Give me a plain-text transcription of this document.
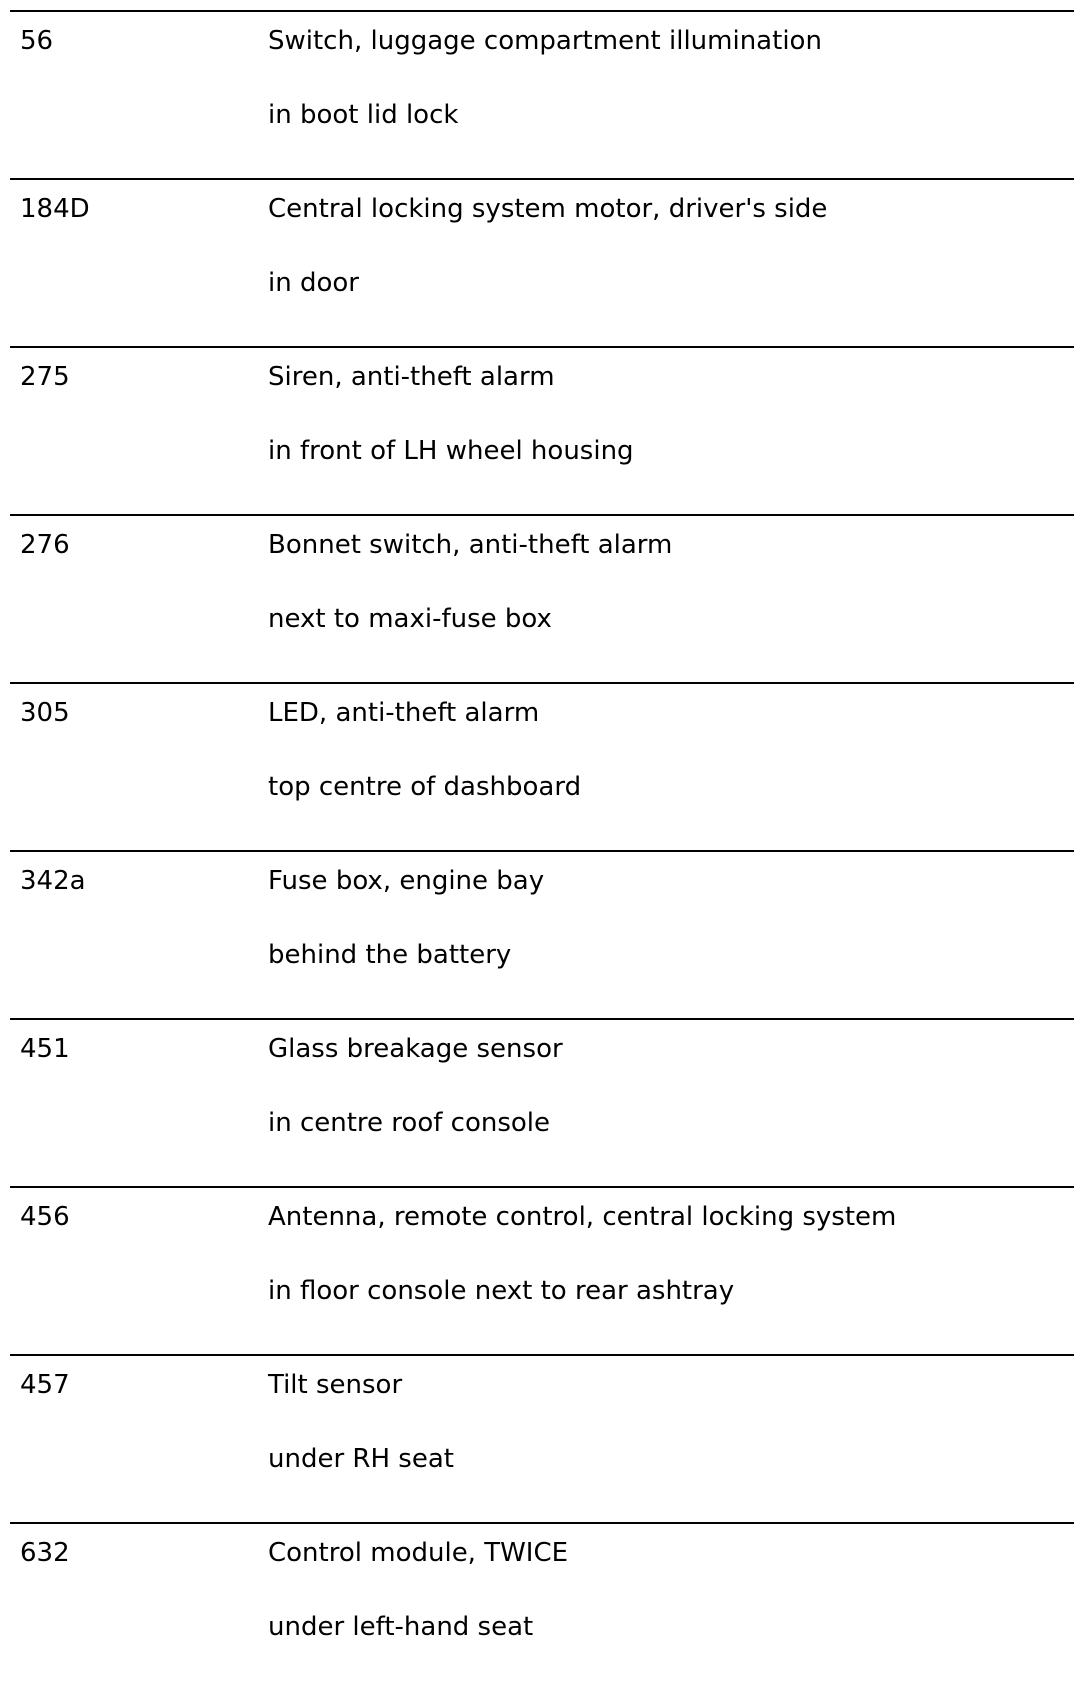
56	Switch, luggage compartment illumination
in boot lid lock
184D	Central locking system motor, driver's side
in door
275	Siren, anti-theft alarm
in front of LH wheel housing
276	Bonnet switch, anti-theft alarm
next to maxi-fuse box
305	LED, anti-theft alarm
top centre of dashboard
342a	Fuse box, engine bay
behind the battery
451	Glass breakage sensor
in centre roof console
456	Antenna, remote control, central locking system
in floor console next to rear ashtray
457	Tilt sensor
under RH seat
632	Control module, TWICE
under left-hand seat
